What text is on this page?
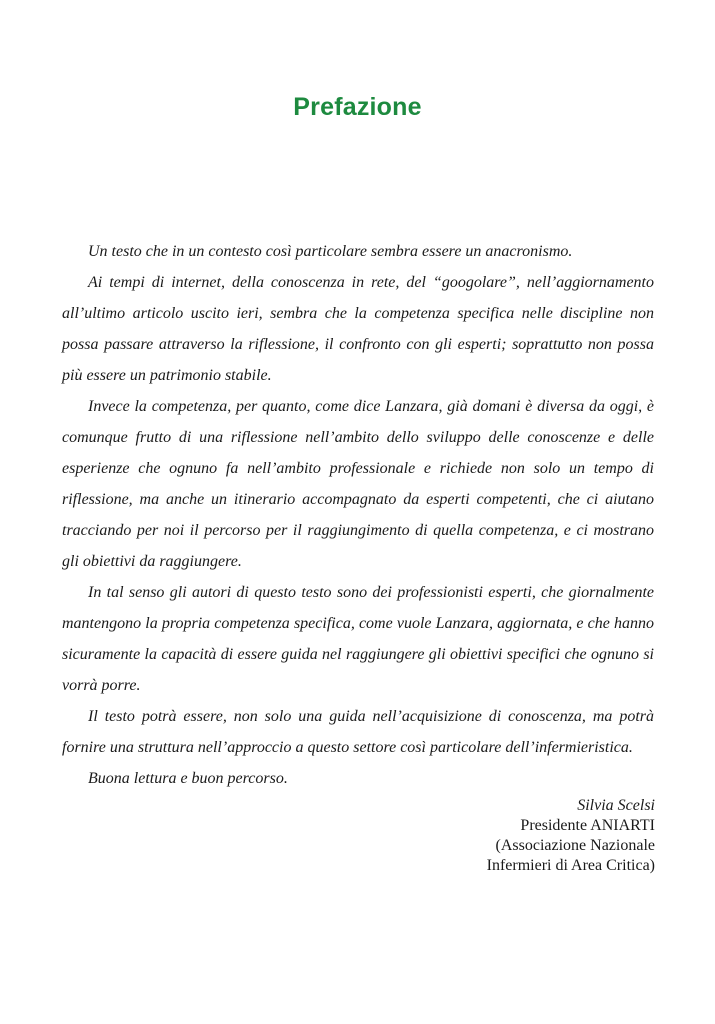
Prefazione

Un testo che in un contesto così particolare sembra essere un anacronismo.

Ai tempi di internet, della conoscenza in rete, del “googolare”, nell’aggiornamento all’ultimo articolo uscito ieri, sembra che la competenza specifica nelle discipline non possa passare attraverso la riflessione, il confronto con gli esperti; soprattutto non possa più essere un patrimonio stabile.

Invece la competenza, per quanto, come dice Lanzara, già domani è diversa da oggi, è comunque frutto di una riflessione nell’ambito dello sviluppo delle conoscenze e delle esperienze che ognuno fa nell’ambito professionale e richiede non solo un tempo di riflessione, ma anche un itinerario accompagnato da esperti competenti, che ci aiutano tracciando per noi il percorso per il raggiungimento di quella competenza, e ci mostrano gli obiettivi da raggiungere.

In tal senso gli autori di questo testo sono dei professionisti esperti, che giornalmente mantengono la propria competenza specifica, come vuole Lanzara, aggiornata, e che hanno sicuramente la capacità di essere guida nel raggiungere gli obiettivi specifici che ognuno si vorrà porre.

Il testo potrà essere, non solo una guida nell’acquisizione di conoscenza, ma potrà fornire una struttura nell’approccio a questo settore così particolare dell’infermieristica.

Buona lettura e buon percorso.

Silvia Scelsi
Presidente ANIARTI
(Associazione Nazionale
Infermieri di Area Critica)
